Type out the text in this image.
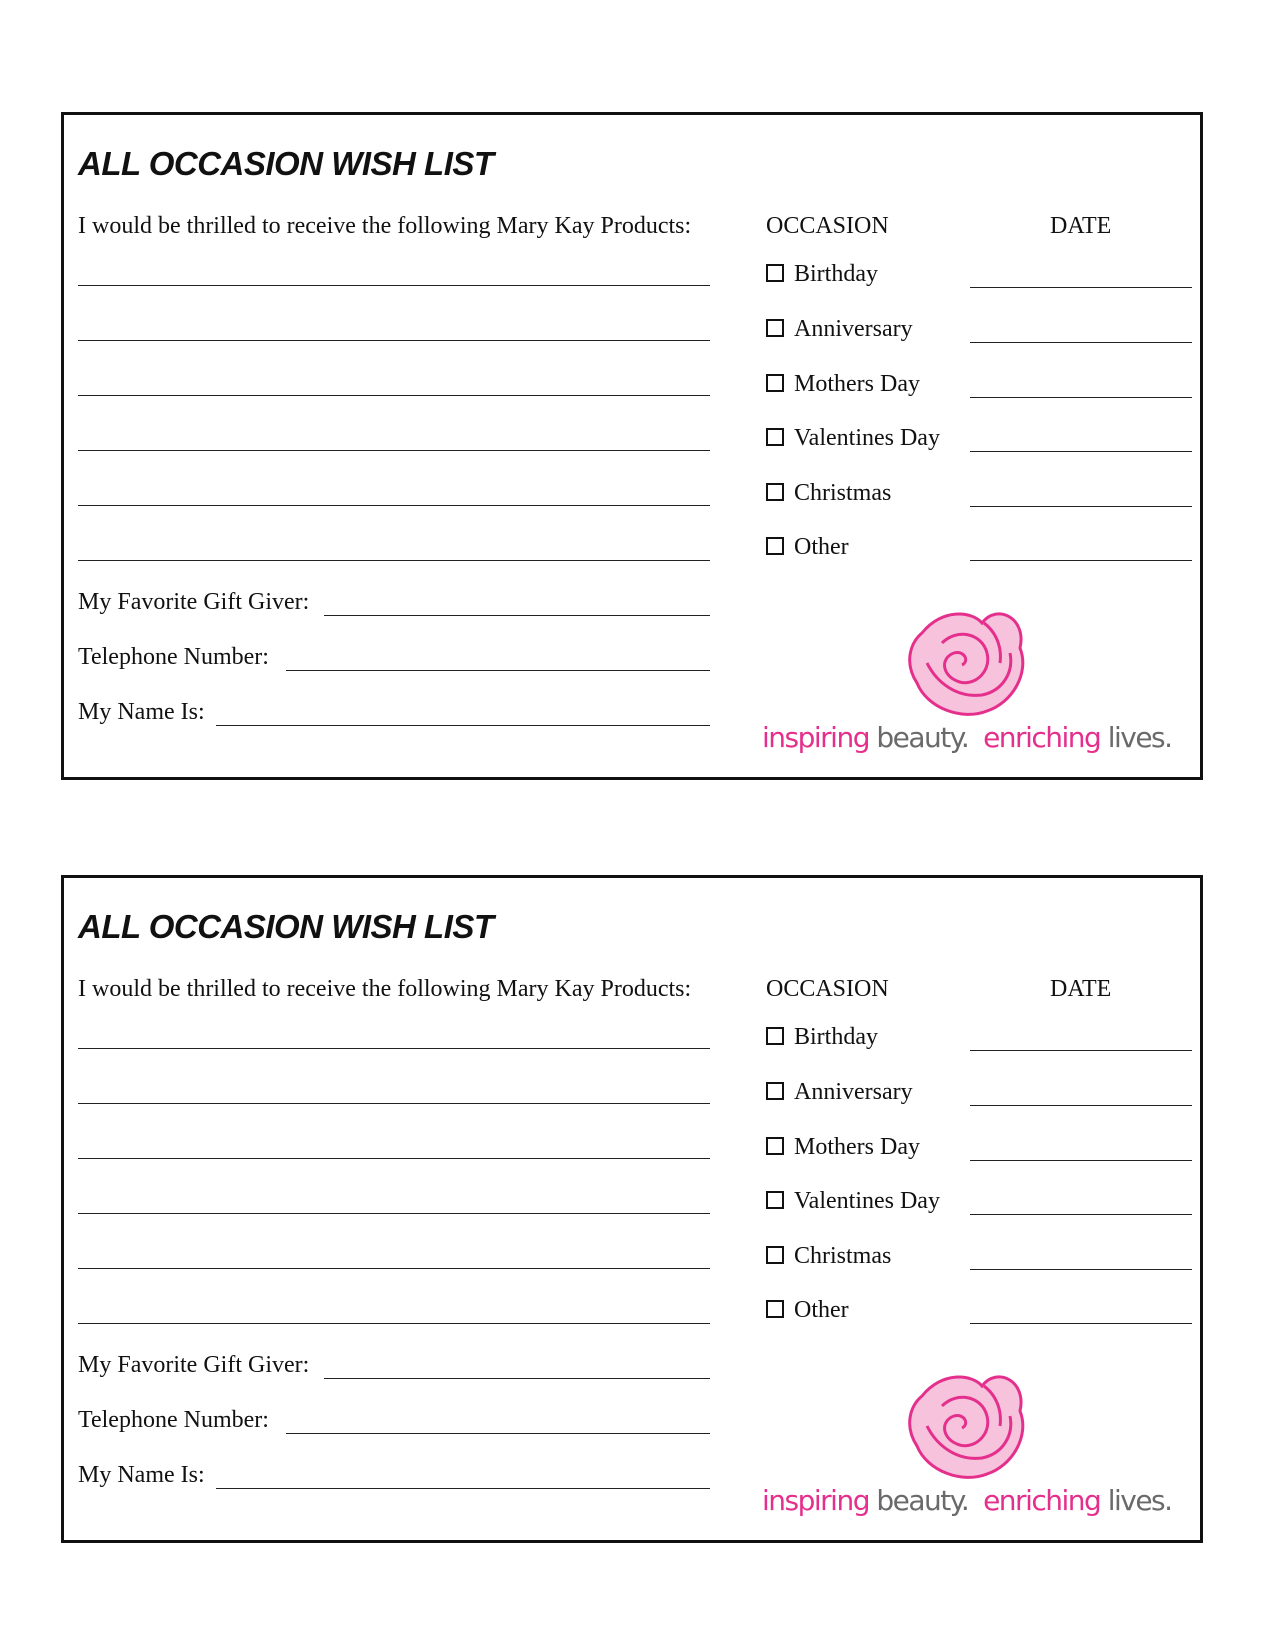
ALL OCCASION WISH LIST
I would be thrilled to receive the following Mary Kay Products:	OCCASION	DATE
My Favorite Gift Giver:
Telephone Number:
My Name Is:
Birthday
Anniversary
Mothers Day
Valentines Day
Christmas
Other
inspiring beauty. enriching lives.
ALL OCCASION WISH LIST
I would be thrilled to receive the following Mary Kay Products:	OCCASION	DATE
My Favorite Gift Giver:
Telephone Number:
My Name Is:
Birthday
Anniversary
Mothers Day
Valentines Day
Christmas
Other
inspiring beauty. enriching lives.
